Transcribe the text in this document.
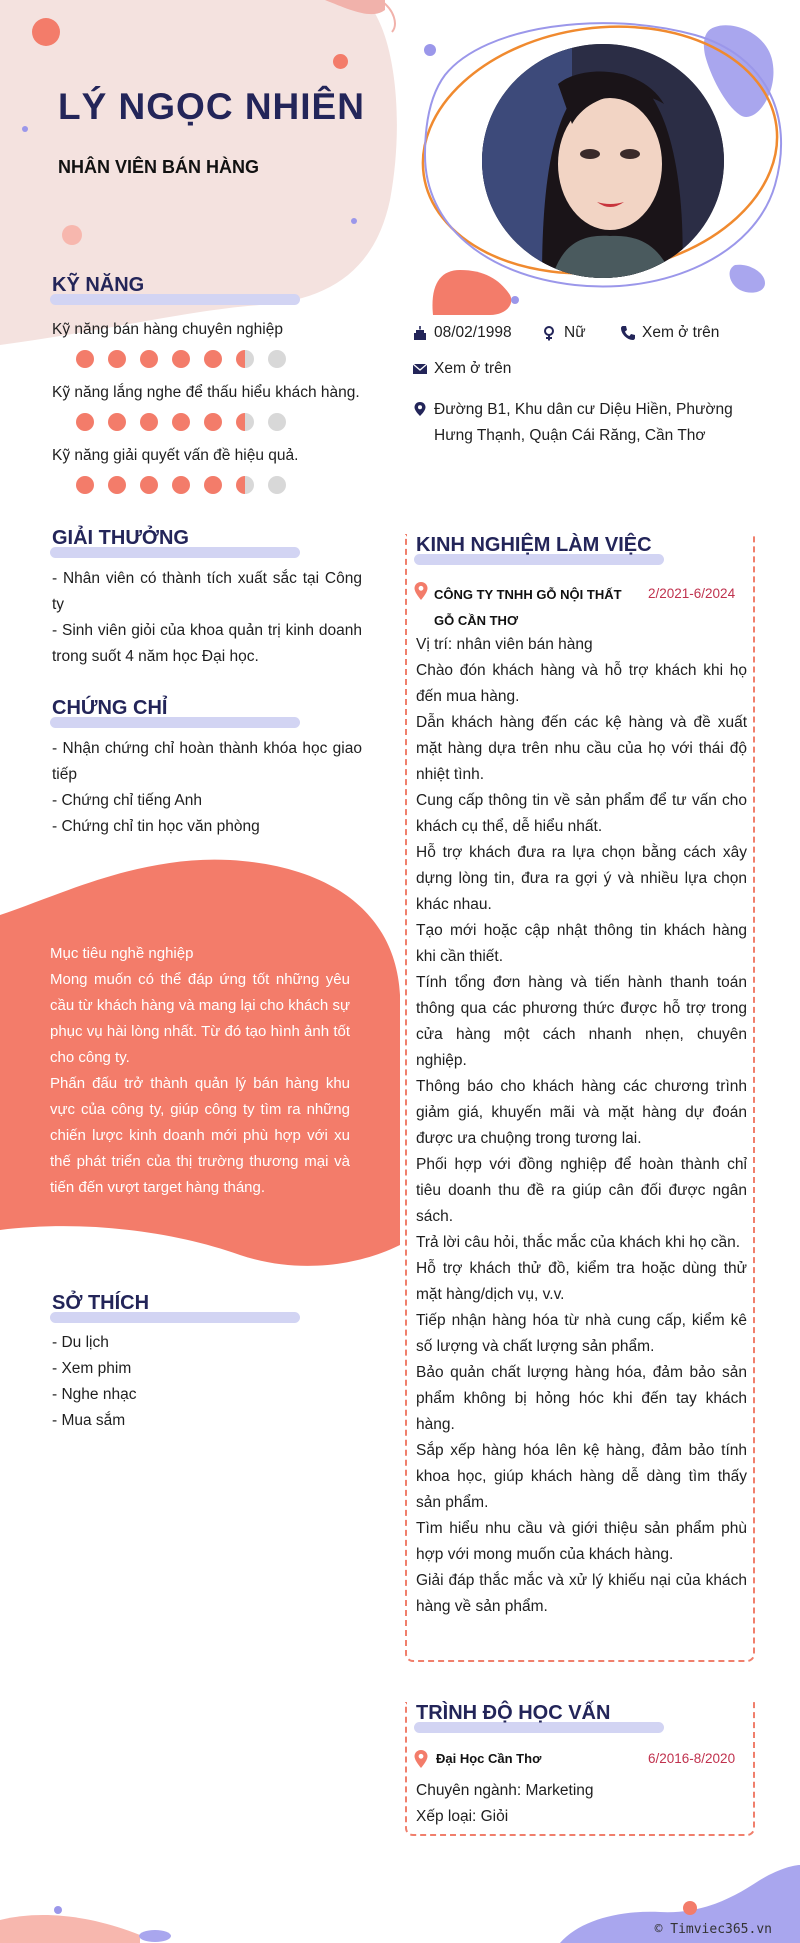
LÝ NGỌC NHIÊN
NHÂN VIÊN BÁN HÀNG
08/02/1998	Nữ	Xem ở trên
Xem ở trên
Đường B1, Khu dân cư Diệu Hiền, Phường
Hưng Thạnh, Quận Cái Răng, Cần Thơ
KỸ NĂNG
Kỹ năng bán hàng chuyên nghiệp
Kỹ năng lắng nghe để thấu hiểu khách hàng.
Kỹ năng giải quyết vấn đề hiệu quả.
GIẢI THƯỞNG

- Nhân viên có thành tích xuất sắc tại Công ty

- Sinh viên giỏi của khoa quản trị kinh doanh trong suốt 4 năm học Đại học.

CHỨNG CHỈ

- Nhận chứng chỉ hoàn thành khóa học giao tiếp

- Chứng chỉ tiếng Anh

- Chứng chỉ tin học văn phòng

Mục tiêu nghề nghiệp

Mong muốn có thể đáp ứng tốt những yêu cầu từ khách hàng và mang lại cho khách sự phục vụ hài lòng nhất. Từ đó tạo hình ảnh tốt cho công ty.

Phấn đấu trở thành quản lý bán hàng khu vực của công ty, giúp công ty tìm ra những chiến lược kinh doanh mới phù hợp với xu thế phát triển của thị trường thương mại và tiến đến vượt target hàng tháng.

SỞ THÍCH

- Du lịch

- Xem phim

- Nghe nhạc

- Mua sắm

KINH NGHIỆM LÀM VIỆC
CÔNG TY TNHH GỖ NỘI THẤT GỖ CẦN THƠ
2/2021-6/2024

Vị trí: nhân viên bán hàng

Chào đón khách hàng và hỗ trợ khách khi họ đến mua hàng.

Dẫn khách hàng đến các kệ hàng và đề xuất mặt hàng dựa trên nhu cầu của họ với thái độ nhiệt tình.

Cung cấp thông tin về sản phẩm để tư vấn cho khách cụ thể, dễ hiểu nhất.

Hỗ trợ khách đưa ra lựa chọn bằng cách xây dựng lòng tin, đưa ra gợi ý và nhiều lựa chọn khác nhau.

Tạo mới hoặc cập nhật thông tin khách hàng khi cần thiết.

Tính tổng đơn hàng và tiến hành thanh toán thông qua các phương thức được hỗ trợ trong cửa hàng một cách nhanh nhẹn, chuyên nghiệp.

Thông báo cho khách hàng các chương trình giảm giá, khuyến mãi và mặt hàng dự đoán được ưa chuộng trong tương lai.

Phối hợp với đồng nghiệp để hoàn thành chỉ tiêu doanh thu đề ra giúp cân đối được ngân sách.

Trả lời câu hỏi, thắc mắc của khách khi họ cần.

Hỗ trợ khách thử đồ, kiểm tra hoặc dùng thử mặt hàng/dịch vụ, v.v.

Tiếp nhận hàng hóa từ nhà cung cấp, kiểm kê số lượng và chất lượng sản phẩm.

Bảo quản chất lượng hàng hóa, đảm bảo sản phẩm không bị hỏng hóc khi đến tay khách hàng.

Sắp xếp hàng hóa lên kệ hàng, đảm bảo tính khoa học, giúp khách hàng dễ dàng tìm thấy sản phẩm.

Tìm hiểu nhu cầu và giới thiệu sản phẩm phù hợp với mong muốn của khách hàng.

Giải đáp thắc mắc và xử lý khiếu nại của khách hàng về sản phẩm.

TRÌNH ĐỘ HỌC VẤN
Đại Học Cần Thơ	6/2016-8/2020

Chuyên ngành: Marketing

Xếp loại: Giỏi

© Timviec365.vn
